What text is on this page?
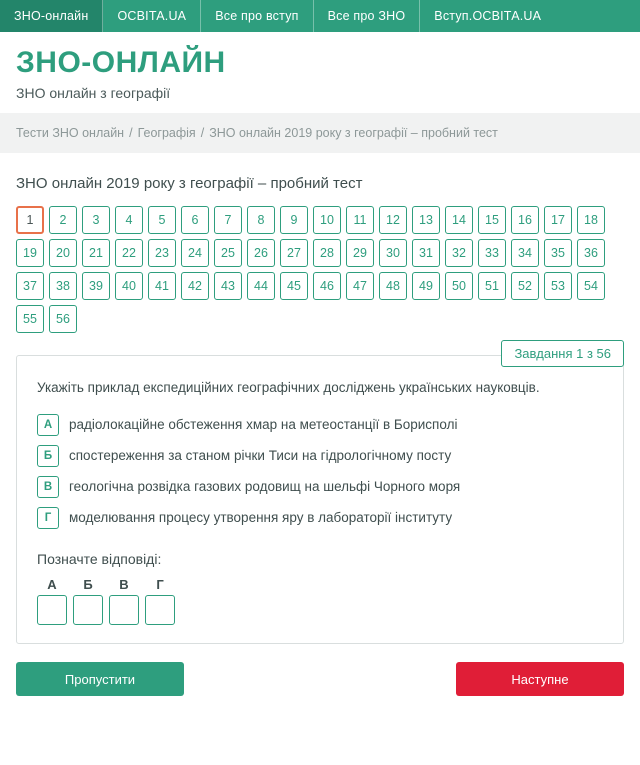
ЗНО-онлайн ОСВІТА.UA Все про вступ Все про ЗНО Вступ.ОСВІТА.UA
ЗНО-ОНЛАЙН
ЗНО онлайн з географії
Тести ЗНО онлайн / Географія / ЗНО онлайн 2019 року з географії – пробний тест
ЗНО онлайн 2019 року з географії – пробний тест
1	2	3	4	5	6	7	8	9	10	11	12	13	14	15	16	17	18
19	20	21	22	23	24	25	26	27	28	29	30	31	32	33	34	35	36
37	38	39	40	41	42	43	44	45	46	47	48	49	50	51	52	53	54
55	56
Завдання 1 з 56
Укажіть приклад експедиційних географічних досліджень українських науковців.
А	радіолокаційне обстеження хмар на метеостанції в Борисполі
Б	спостереження за станом річки Тиси на гідрологічному посту
В	геологічна розвідка газових родовищ на шельфі Чорного моря
Г	моделювання процесу утворення яру в лабораторії інституту
Позначте відповіді:
А	Б	В	Г
Пропустити	Наступне
